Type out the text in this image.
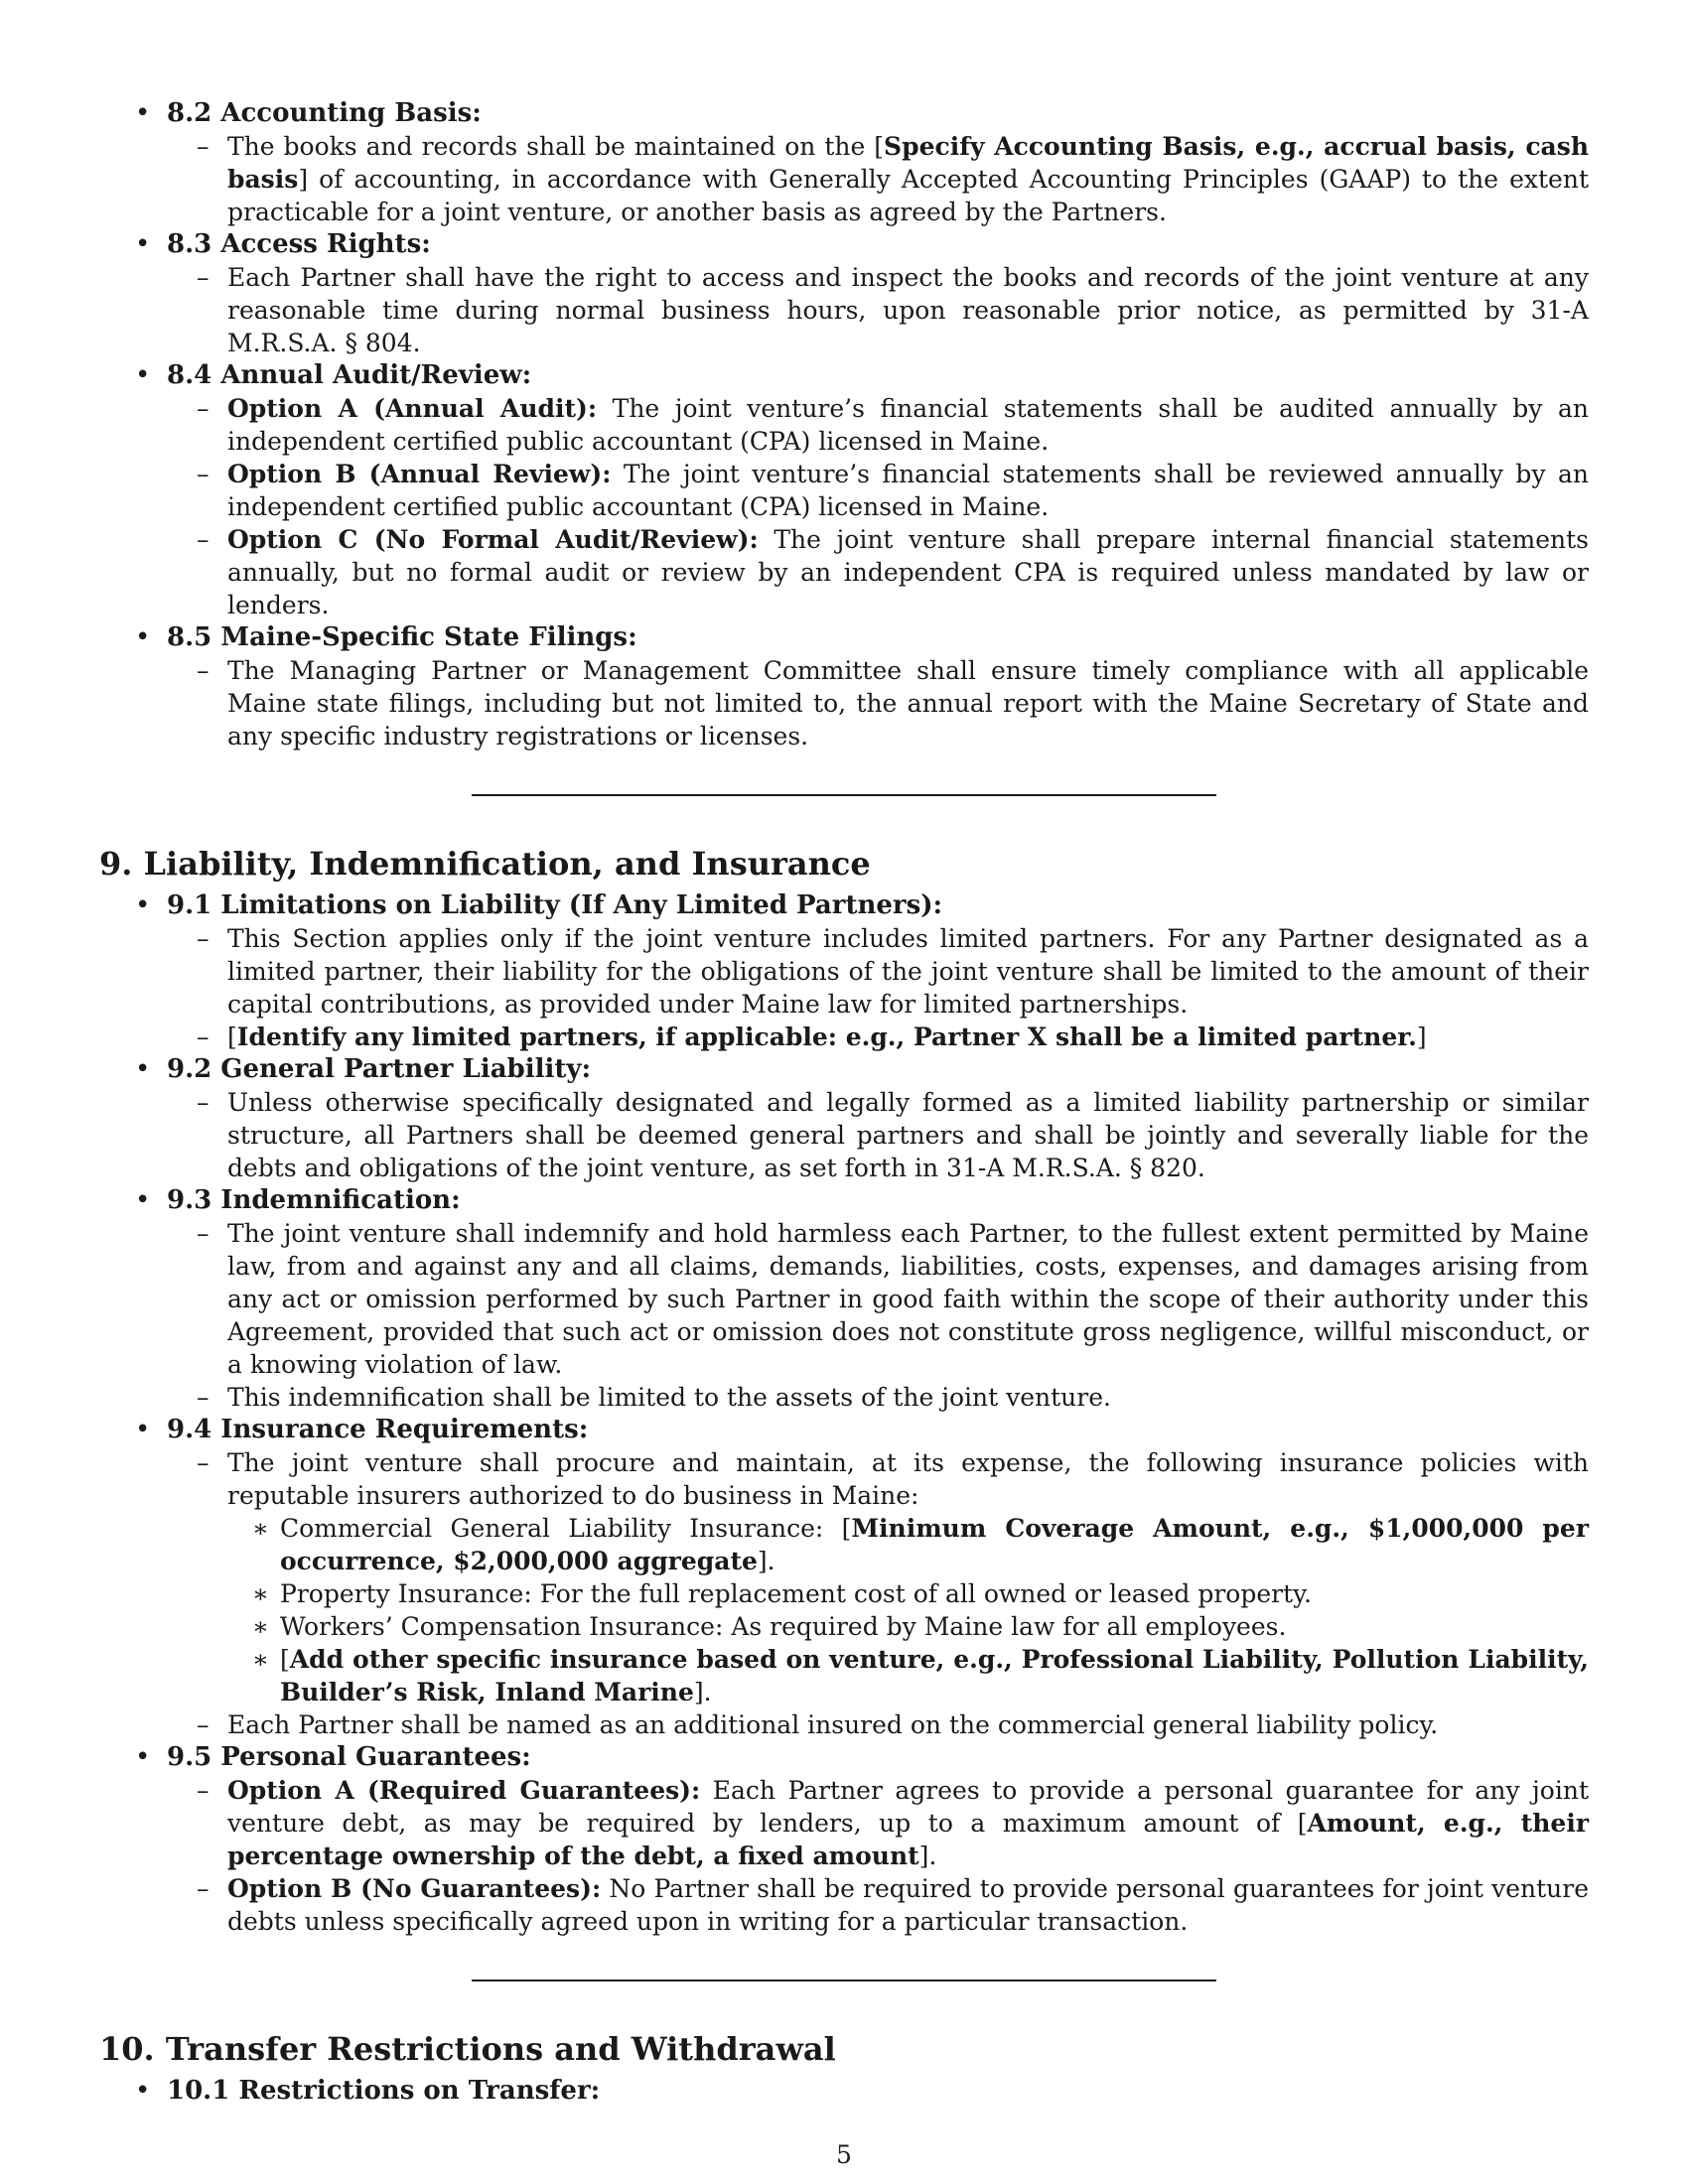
• 8.2 Accounting Basis:
– The books and records shall be maintained on the [Specify Accounting Basis, e.g., accrual basis, cash basis] of accounting, in accordance with Generally Accepted Accounting Principles (GAAP) to the extent practicable for a joint venture, or another basis as agreed by the Partners.
• 8.3 Access Rights:
– Each Partner shall have the right to access and inspect the books and records of the joint venture at any reasonable time during normal business hours, upon reasonable prior notice, as permitted by 31-A M.R.S.A. § 804.
• 8.4 Annual Audit/Review:
– Option A (Annual Audit): The joint venture’s financial statements shall be audited annually by an independent certified public accountant (CPA) licensed in Maine.
– Option B (Annual Review): The joint venture’s financial statements shall be reviewed annually by an independent certified public accountant (CPA) licensed in Maine.
– Option C (No Formal Audit/Review): The joint venture shall prepare internal financial statements annually, but no formal audit or review by an independent CPA is required unless mandated by law or lenders.
• 8.5 Maine-Specific State Filings:
– The Managing Partner or Management Committee shall ensure timely compliance with all applicable Maine state filings, including but not limited to, the annual report with the Maine Secretary of State and any specific industry registrations or licenses.
9. Liability, Indemnification, and Insurance
• 9.1 Limitations on Liability (If Any Limited Partners):
– This Section applies only if the joint venture includes limited partners. For any Partner designated as a limited partner, their liability for the obligations of the joint venture shall be limited to the amount of their capital contributions, as provided under Maine law for limited partnerships.
– [Identify any limited partners, if applicable: e.g., Partner X shall be a limited partner.]
• 9.2 General Partner Liability:
– Unless otherwise specifically designated and legally formed as a limited liability partnership or similar structure, all Partners shall be deemed general partners and shall be jointly and severally liable for the debts and obligations of the joint venture, as set forth in 31-A M.R.S.A. § 820.
• 9.3 Indemnification:
– The joint venture shall indemnify and hold harmless each Partner, to the fullest extent permitted by Maine law, from and against any and all claims, demands, liabilities, costs, expenses, and damages arising from any act or omission performed by such Partner in good faith within the scope of their authority under this Agreement, provided that such act or omission does not constitute gross negligence, willful misconduct, or a knowing violation of law.
– This indemnification shall be limited to the assets of the joint venture.
• 9.4 Insurance Requirements:
– The joint venture shall procure and maintain, at its expense, the following insurance policies with reputable insurers authorized to do business in Maine:
∗ Commercial General Liability Insurance: [Minimum Coverage Amount, e.g., $1,000,000 per occurrence, $2,000,000 aggregate].
∗ Property Insurance: For the full replacement cost of all owned or leased property.
∗ Workers’ Compensation Insurance: As required by Maine law for all employees.
∗ [Add other specific insurance based on venture, e.g., Professional Liability, Pollution Liability, Builder’s Risk, Inland Marine].
– Each Partner shall be named as an additional insured on the commercial general liability policy.
• 9.5 Personal Guarantees:
– Option A (Required Guarantees): Each Partner agrees to provide a personal guarantee for any joint venture debt, as may be required by lenders, up to a maximum amount of [Amount, e.g., their percentage ownership of the debt, a fixed amount].
– Option B (No Guarantees): No Partner shall be required to provide personal guarantees for joint venture debts unless specifically agreed upon in writing for a particular transaction.
10. Transfer Restrictions and Withdrawal
• 10.1 Restrictions on Transfer:
5
